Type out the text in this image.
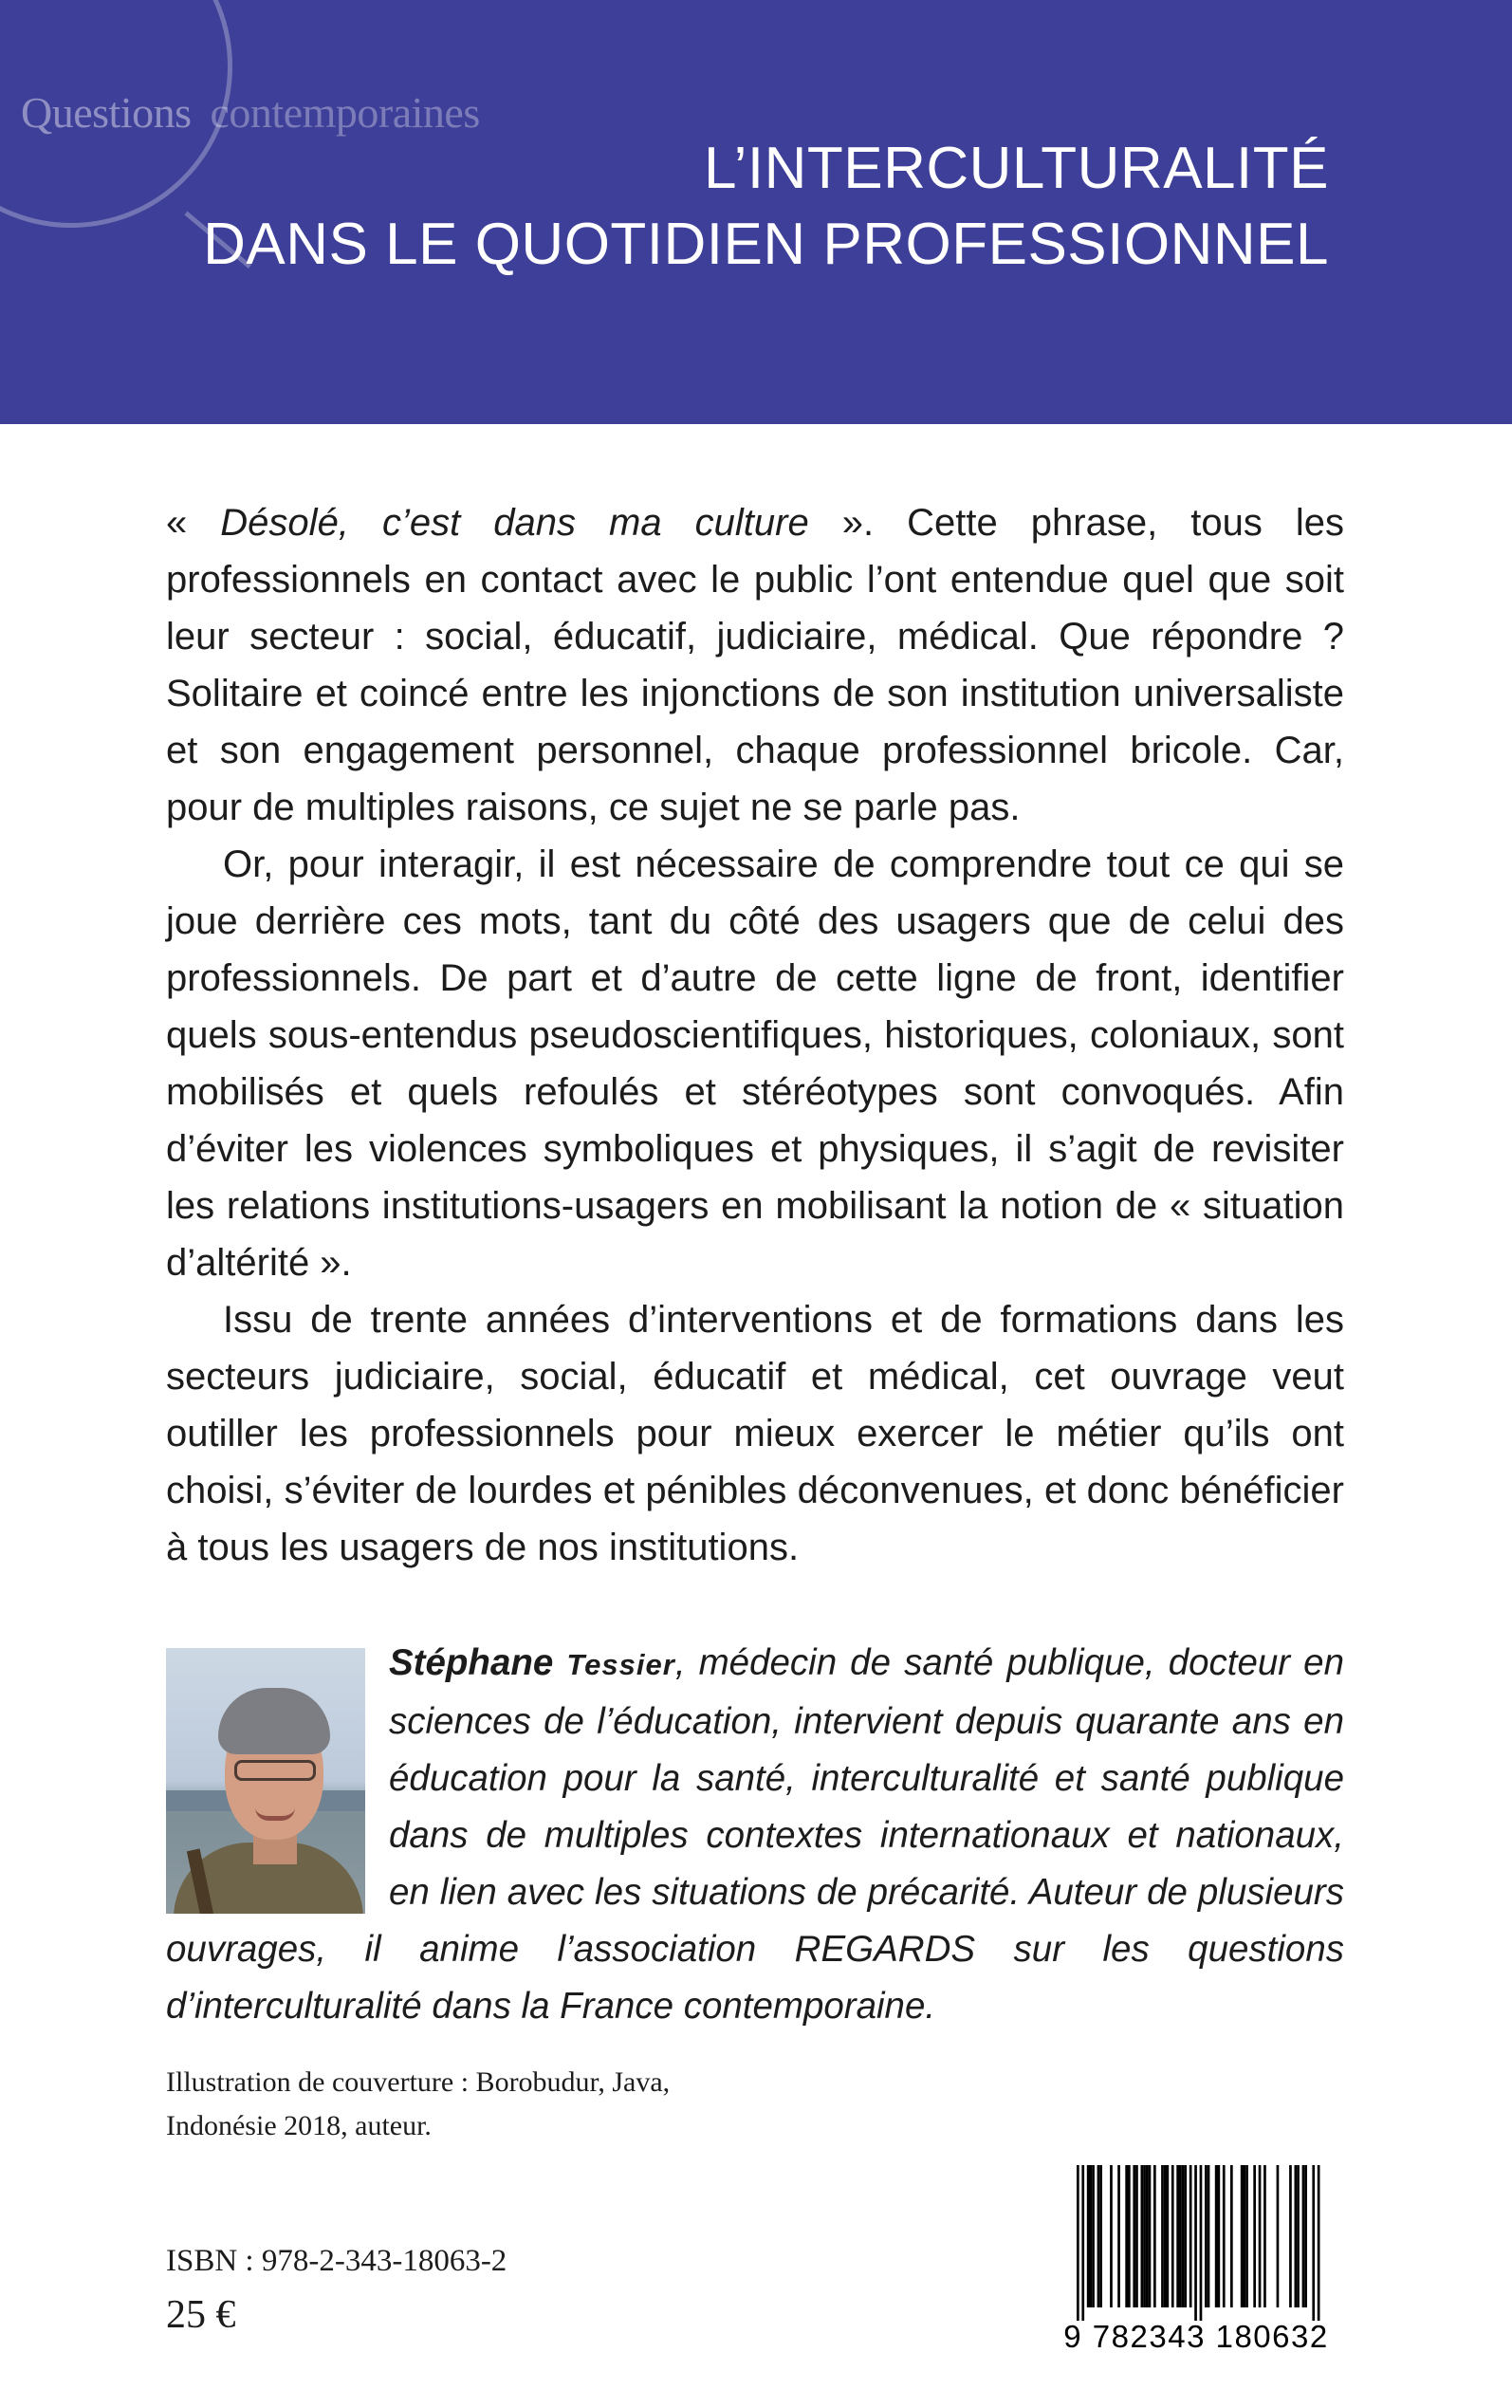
Questions contemporaines
L’INTERCULTURALITÉ
DANS LE QUOTIDIEN PROFESSIONNEL

« Désolé, c’est dans ma culture ». Cette phrase, tous les professionnels en contact avec le public l’ont entendue quel que soit leur secteur : social, éducatif, judiciaire, médical. Que répondre ? Solitaire et coincé entre les injonctions de son institution universaliste et son engagement personnel, chaque professionnel bricole. Car, pour de multiples raisons, ce sujet ne se parle pas.

Or, pour interagir, il est nécessaire de comprendre tout ce qui se joue derrière ces mots, tant du côté des usagers que de celui des professionnels. De part et d’autre de cette ligne de front, identifier quels sous-entendus pseudoscientifiques, historiques, coloniaux, sont mobilisés et quels refoulés et stéréotypes sont convoqués. Afin d’éviter les violences symboliques et physiques, il s’agit de revisiter les relations institutions-usagers en mobilisant la notion de « situation d’altérité ».

Issu de trente années d’interventions et de formations dans les secteurs judiciaire, social, éducatif et médical, cet ouvrage veut outiller les professionnels pour mieux exercer le métier qu’ils ont choisi, s’éviter de lourdes et pénibles déconvenues, et donc bénéficier à tous les usagers de nos institutions.

Stéphane Tessier, médecin de santé publique, docteur en sciences de l’éducation, intervient depuis quarante ans en éducation pour la santé, interculturalité et santé publique dans de multiples contextes internationaux et nationaux, en lien avec les situations de précarité. Auteur de plusieurs ouvrages, il anime l’association REGARDS sur les questions d’interculturalité dans la France contemporaine.
Illustration de couverture : Borobudur, Java,
Indonésie 2018, auteur.
ISBN : 978-2-343-18063-2
25 €	9 782343 180632
